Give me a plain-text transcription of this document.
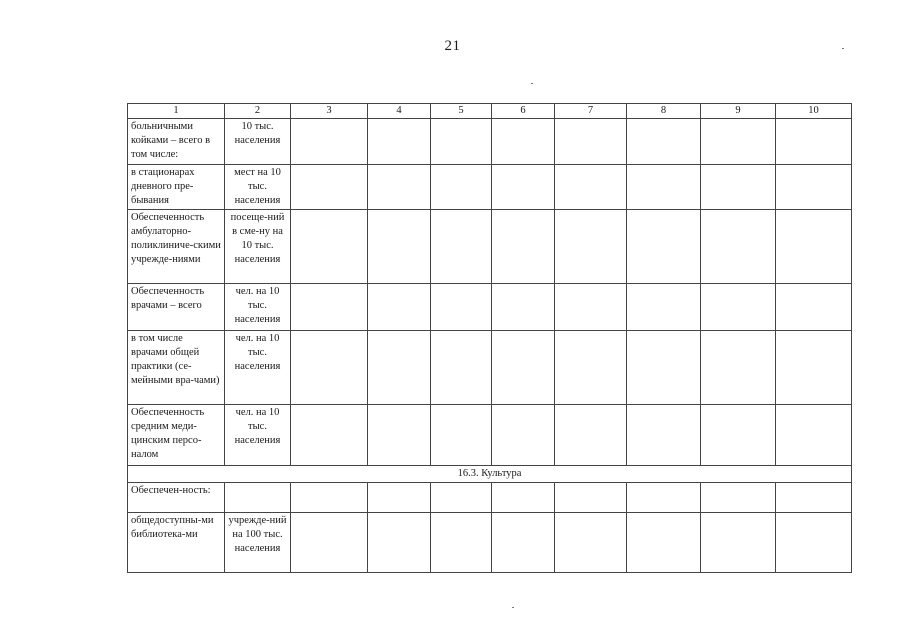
21
1	2	3	4	5	6	7	8	9	10
больничными койками – всего в том числе:	10 тыс. населения								
в стационарах дневного пре-бывания	мест на 10 тыс. населения								
Обеспеченность амбулаторно-поликлиниче-скими учрежде-ниями	посеще-ний в сме-ну на 10 тыс. населения								
Обеспеченность врачами – всего	чел. на 10 тыс. населения								
в том числе врачами общей практики (се-мейными вра-чами)	чел. на 10 тыс. населения								
Обеспеченность средним меди-цинским персо-налом	чел. на 10 тыс. населения								
16.3. Культура									
Обеспечен-ность:									
общедоступны-ми библиотека-ми	учрежде-ний на 100 тыс. населения								
